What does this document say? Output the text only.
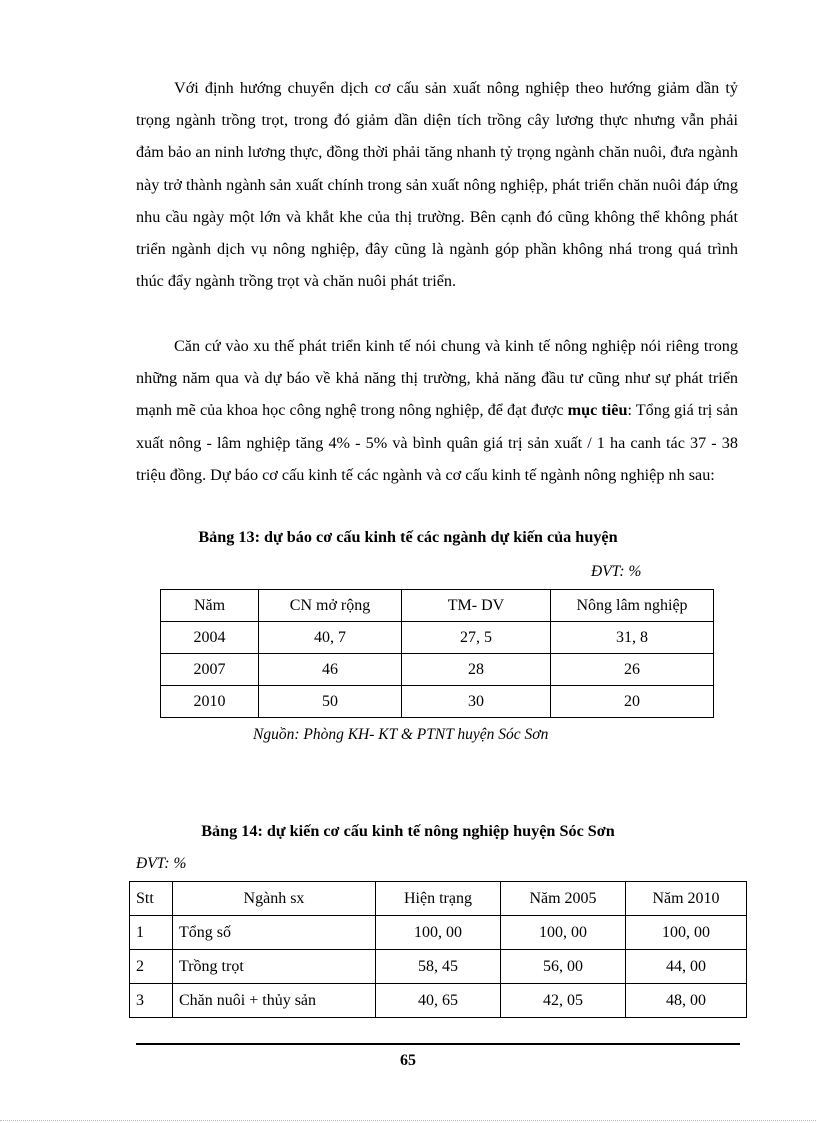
Với định hướng chuyển dịch cơ cấu sản xuất nông nghiệp theo hướng giảm dần tỷ trọng ngành trồng trọt, trong đó giảm dần diện tích trồng cây lương thực nhưng vẫn phải đảm bảo an ninh lương thực, đồng thời phải tăng nhanh tỷ trọng ngành chăn nuôi, đưa ngành này trở thành ngành sản xuất chính trong sản xuất nông nghiệp, phát triển chăn nuôi đáp ứng nhu cầu ngày một lớn và khắt khe của thị trường. Bên cạnh đó cũng không thể không phát triển ngành dịch vụ nông nghiệp, đây cũng là ngành góp phần không nhá trong quá trình thúc đẩy ngành trồng trọt và chăn nuôi phát triển.

Căn cứ vào xu thế phát triển kinh tế nói chung và kinh tế nông nghiệp nói riêng trong những năm qua và dự báo về khả năng thị trường, khả năng đầu tư cũng như sự phát triển mạnh mẽ của khoa học công nghệ trong nông nghiệp, để đạt được mục tiêu: Tổng giá trị sản xuất nông - lâm nghiệp tăng 4% - 5% và bình quân giá trị sản xuất / 1 ha canh tác 37 - 38 triệu đồng. Dự báo cơ cấu kinh tế các ngành và cơ cấu kinh tế ngành nông nghiệp nh sau:

Bảng 13: dự báo cơ cấu kinh tế các ngành dự kiến của huyện

ĐVT: %
Năm	CN mở rộng	TM- DV	Nông lâm nghiệp
2004	40, 7	27, 5	31, 8
2007	46	28	26
2010	50	30	20
Nguồn: Phòng KH- KT & PTNT huyện Sóc Sơn

Bảng 14: dự kiến cơ cấu kinh tế nông nghiệp huyện Sóc Sơn

ĐVT: %
Stt	Ngành sx	Hiện trạng	Năm 2005	Năm 2010
1	Tổng số	100, 00	100, 00	100, 00
2	Trồng trọt	58, 45	56, 00	44, 00
3	Chăn nuôi + thủy sản	40, 65	42, 05	48, 00
65
